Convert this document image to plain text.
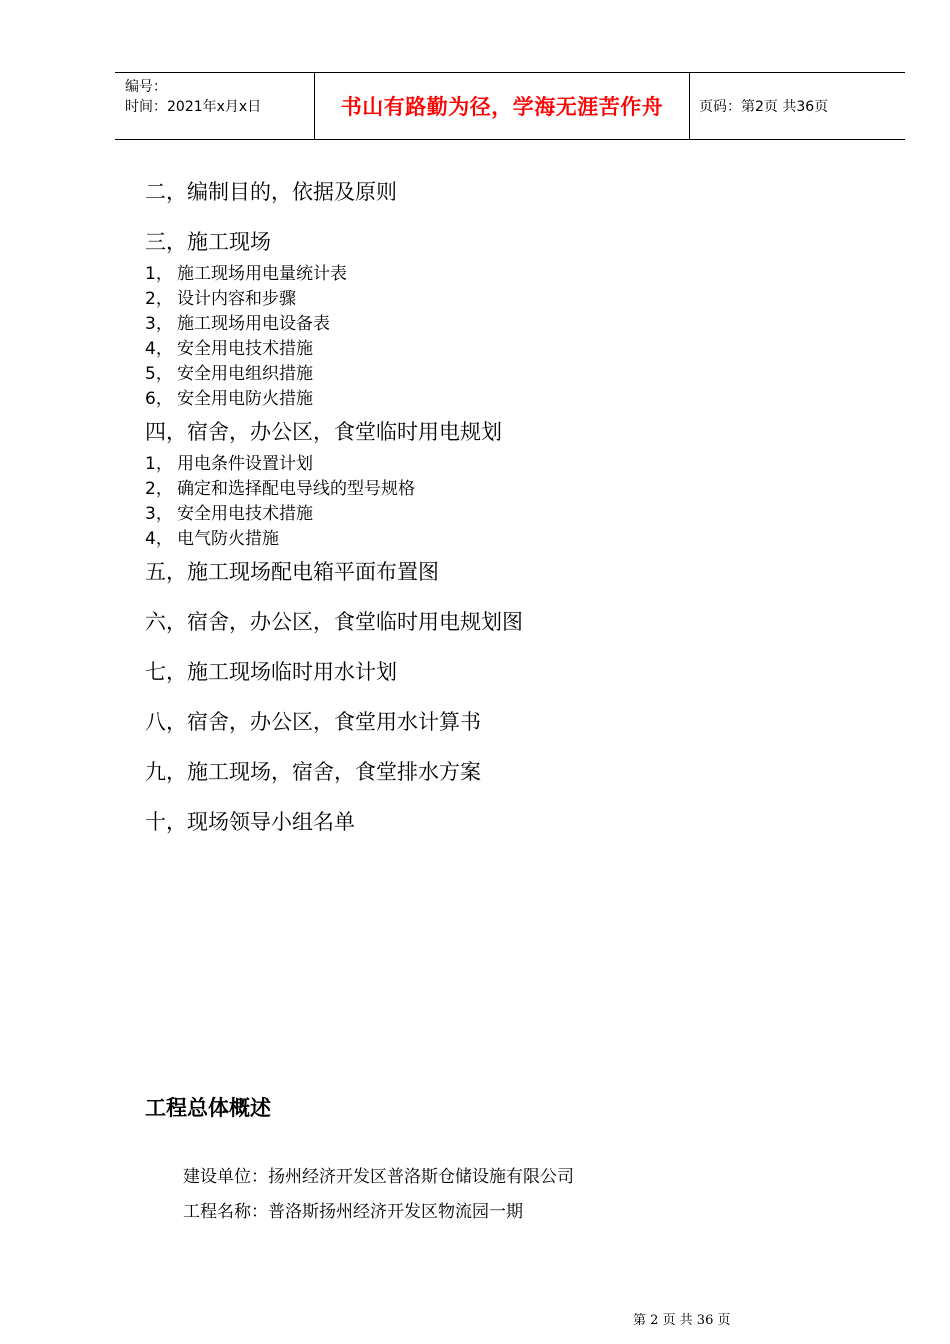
编号：
时间：2021年x月x日	书山有路勤为径，学海无涯苦作舟	页码：第2页 共36页
二，编制目的，依据及原则
三，施工现场
1， 施工现场用电量统计表
2， 设计内容和步骤
3， 施工现场用电设备表
4， 安全用电技术措施
5， 安全用电组织措施
6， 安全用电防火措施
四，宿舍，办公区，食堂临时用电规划
1， 用电条件设置计划
2， 确定和选择配电导线的型号规格
3， 安全用电技术措施
4， 电气防火措施
五，施工现场配电箱平面布置图
六，宿舍，办公区，食堂临时用电规划图
七，施工现场临时用水计划
八，宿舍，办公区，食堂用水计算书
九，施工现场，宿舍，食堂排水方案
十，现场领导小组名单
工程总体概述
建设单位：扬州经济开发区普洛斯仓储设施有限公司
工程名称：普洛斯扬州经济开发区物流园一期
第 2 页 共 36 页
